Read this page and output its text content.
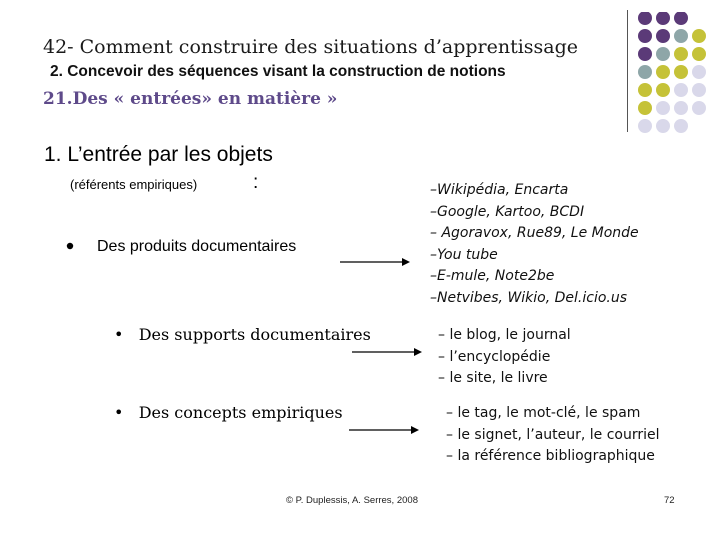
42- Comment construire des situations d’apprentissage
2. Concevoir des séquences visant la construction de notions
21.Des « entrées» en matière »
1. L’entrée par les objets
(référents empiriques)	:
Des produits documentaires
–Wikipédia, Encarta
–Google, Kartoo, BCDI
– Agoravox, Rue89, Le Monde
–You tube
–E-mule, Note2be
–Netvibes, Wikio, Del.icio.us
• Des supports documentaires	– le blog, le journal
– l’encyclopédie
– le site, le livre
• Des concepts empiriques	– le tag, le mot-clé, le spam
– le signet, l’auteur, le courriel
– la référence bibliographique
© P. Duplessis, A. Serres, 2008	72
